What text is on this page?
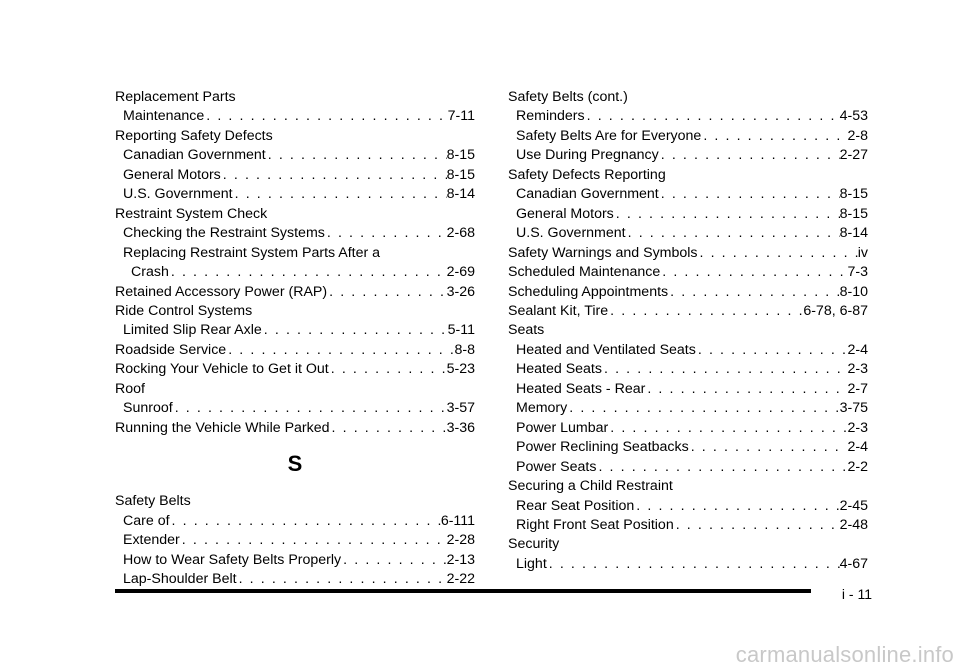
Replacement Parts
Maintenance . . .	7-11
Reporting Safety Defects
Canadian Government . . .	8-15
General Motors . . .	8-15
U.S. Government . . .	8-14
Restraint System Check
Checking the Restraint Systems . . .	2-68
Replacing Restraint System Parts After a
Crash . . .	2-69
Retained Accessory Power (RAP) . . .	3-26
Ride Control Systems
Limited Slip Rear Axle . . .	5-11
Roadside Service . . .	8-8
Rocking Your Vehicle to Get it Out . . .	5-23
Roof
Sunroof . . .	3-57
Running the Vehicle While Parked . . .	3-36
S
Safety Belts
Care of . . .	6-111
Extender . . .	2-28
How to Wear Safety Belts Properly . . .	2-13
Lap-Shoulder Belt . . .	2-22
Safety Belts (cont.)
Reminders . . .	4-53
Safety Belts Are for Everyone . . .	2-8
Use During Pregnancy . . .	2-27
Safety Defects Reporting
Canadian Government . . .	8-15
General Motors . . .	8-15
U.S. Government . . .	8-14
Safety Warnings and Symbols . . .	iv
Scheduled Maintenance . . .	7-3
Scheduling Appointments . . .	8-10
Sealant Kit, Tire . . .	6-78, 6-87
Seats
Heated and Ventilated Seats . . .	2-4
Heated Seats . . .	2-3
Heated Seats - Rear . . .	2-7
Memory . . .	3-75
Power Lumbar . . .	2-3
Power Reclining Seatbacks . . .	2-4
Power Seats . . .	2-2
Securing a Child Restraint
Rear Seat Position . . .	2-45
Right Front Seat Position . . .	2-48
Security
Light . . .	4-67
i - 11
carmanualsonline.info
